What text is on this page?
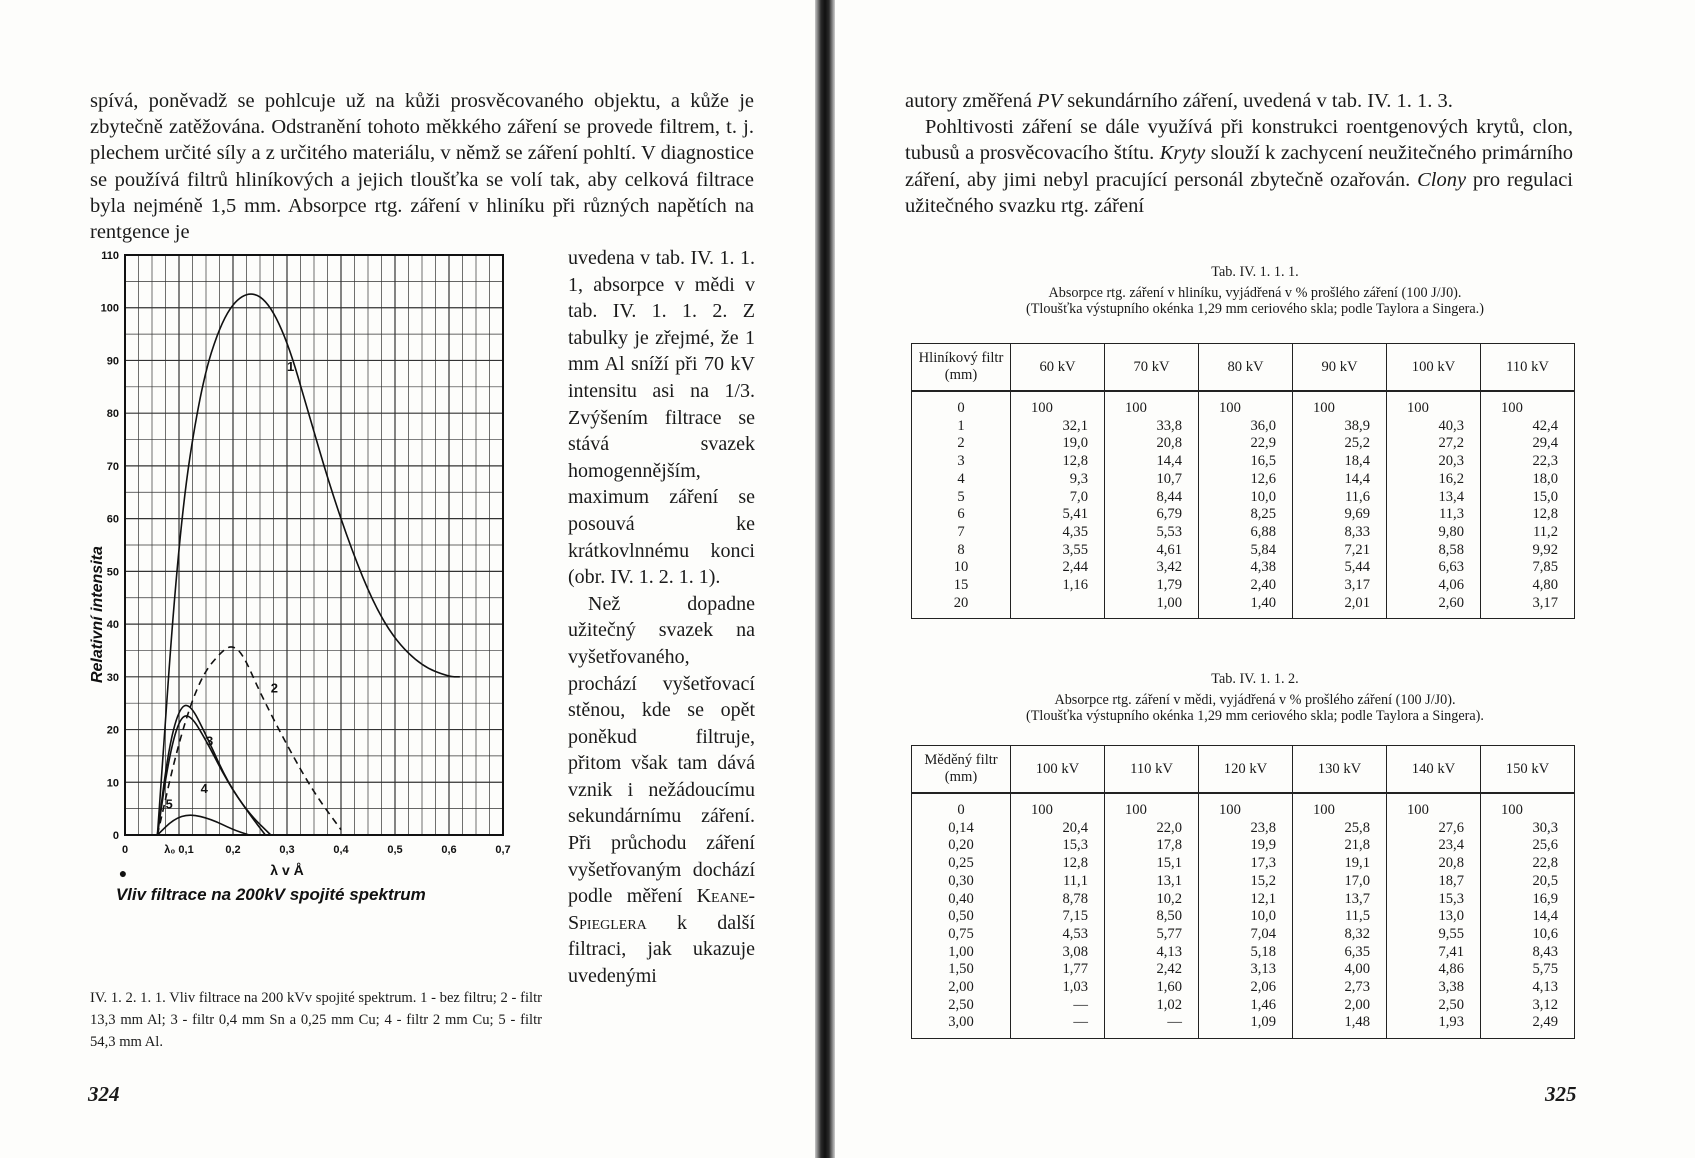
spívá, poněvadž se pohlcuje už na kůži prosvěcovaného objektu, a kůže je zbytečně zatěžována. Odstranění tohoto měkkého záření se provede filtrem, t. j. plechem určité síly a z určitého materiálu, v němž se záření pohltí. V diagnostice se používá filtrů hliníkových a jejich tloušťka se volí tak, aby celková filtrace byla nejméně 1,5 mm. Absorpce rtg. záření v hliníku při různých napětích na rentgence je

0
10
20
30
40
50
60
70
80
90
100
110
0	λ₀ 0,1	0,2	0,3	0,4	0,5	0,6	0,7
Relativní intensita
λ v Å
●
Vliv filtrace na 200kV spojité spektrum
1
2
3
4
5

uvedena v tab. IV. 1. 1. 1, absorpce v mědi v tab. IV. 1. 1. 2. Z tabulky je zřejmé, že 1 mm Al sníží při 70 kV intensitu asi na 1/3. Zvýšením filtrace se stává svazek homogennějším, maximum záření se posouvá ke krátkovlnnému konci (obr. IV. 1. 2. 1. 1).

Než dopadne užitečný svazek na vyšetřovaného, prochází vyšetřovací stěnou, kde se opět poněkud filtruje, přitom však tam dává vznik i nežádoucímu sekundárnímu záření. Při průchodu záření vyšetřovaným dochází podle měření Keane-Spieglera k další filtraci, jak ukazuje uvedenými

IV. 1. 2. 1. 1. Vliv filtrace na 200 kVv spojité spektrum. 1 - bez filtru; 2 - filtr 13,3 mm Al; 3 - filtr 0,4 mm Sn a 0,25 mm Cu; 4 - filtr 2 mm Cu; 5 - filtr 54,3 mm Al.
324

autory změřená PV sekundárního záření, uvedená v tab. IV. 1. 1. 3.

Pohltivosti záření se dále využívá při konstrukci roentgenových krytů, clon, tubusů a prosvěcovacího štítu. Kryty slouží k zachycení neužitečného primárního záření, aby jimi nebyl pracující personál zbytečně ozařován. Clony pro regulaci užitečného svazku rtg. záření

Tab. IV. 1. 1. 1.
Absorpce rtg. záření v hliníku, vyjádřená v % prošlého záření (100 J/J0).
(Tloušťka výstupního okénka 1,29 mm ceriového skla; podle Taylora a Singera.)
Hliníkový filtr (mm)	60 kV	70 kV	80 kV	90 kV	100 kV	110 kV
0	100	100	100	100	100	100
1	32,1	33,8	36,0	38,9	40,3	42,4
2	19,0	20,8	22,9	25,2	27,2	29,4
3	12,8	14,4	16,5	18,4	20,3	22,3
4	9,3	10,7	12,6	14,4	16,2	18,0
5	7,0	8,44	10,0	11,6	13,4	15,0
6	5,41	6,79	8,25	9,69	11,3	12,8
7	4,35	5,53	6,88	8,33	9,80	11,2
8	3,55	4,61	5,84	7,21	8,58	9,92
10	2,44	3,42	4,38	5,44	6,63	7,85
15	1,16	1,79	2,40	3,17	4,06	4,80
20		1,00	1,40	2,01	2,60	3,17
Tab. IV. 1. 1. 2.
Absorpce rtg. záření v mědi, vyjádřená v % prošlého záření (100 J/J0).
(Tloušťka výstupního okénka 1,29 mm ceriového skla; podle Taylora a Singera).
Měděný filtr (mm)	100 kV	110 kV	120 kV	130 kV	140 kV	150 kV
0	100	100	100	100	100	100
0,14	20,4	22,0	23,8	25,8	27,6	30,3
0,20	15,3	17,8	19,9	21,8	23,4	25,6
0,25	12,8	15,1	17,3	19,1	20,8	22,8
0,30	11,1	13,1	15,2	17,0	18,7	20,5
0,40	8,78	10,2	12,1	13,7	15,3	16,9
0,50	7,15	8,50	10,0	11,5	13,0	14,4
0,75	4,53	5,77	7,04	8,32	9,55	10,6
1,00	3,08	4,13	5,18	6,35	7,41	8,43
1,50	1,77	2,42	3,13	4,00	4,86	5,75
2,00	1,03	1,60	2,06	2,73	3,38	4,13
2,50	—	1,02	1,46	2,00	2,50	3,12
3,00	—	—	1,09	1,48	1,93	2,49
325
